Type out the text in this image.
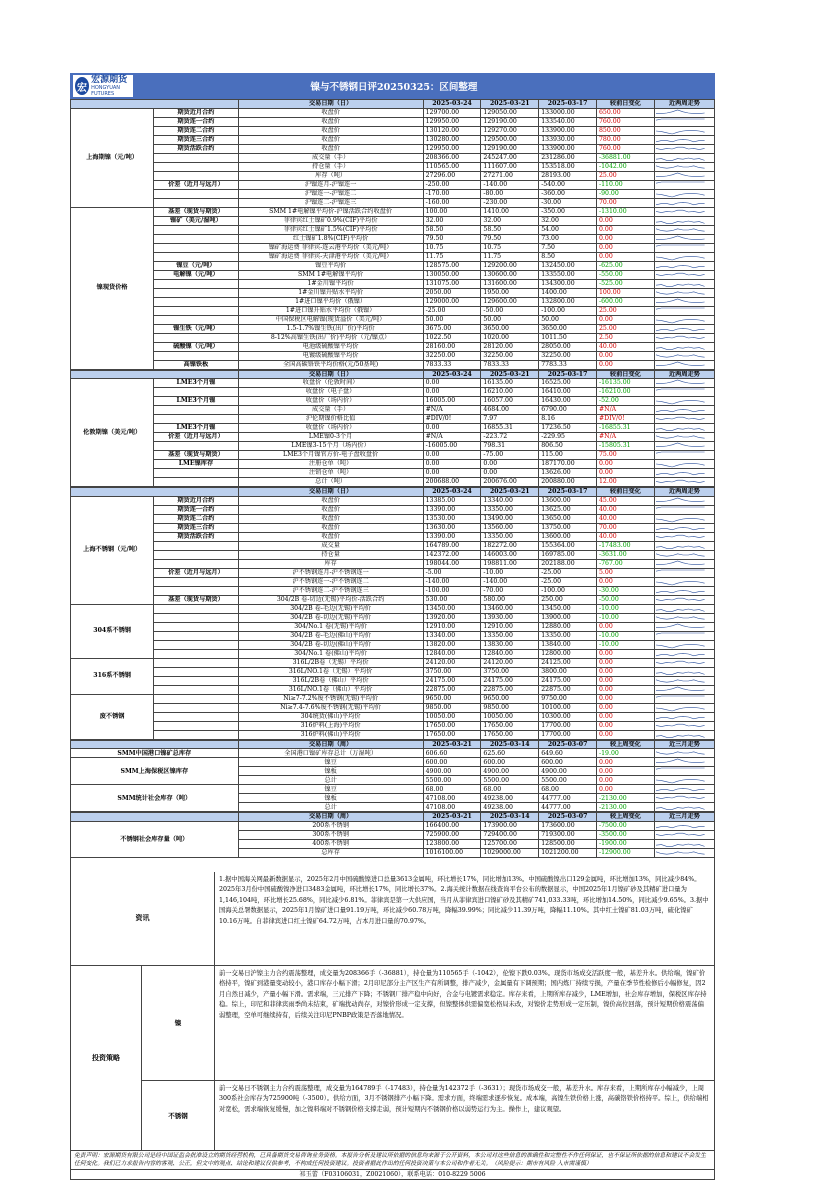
宏
宏源期货
HONGYUAN FUTURES
镍与不锈钢日评20250325：区间整理
		交易日期（日）	2025-03-24	2025-03-21	2025-03-17	较前日变化	近两周走势
上海期镍（元/吨）	期货近月合约	收盘价	129700.00	129050.00	133000.00	650.00	

	期货连一合约	收盘价	129950.00	129190.00	133540.00	760.00	

	期货连二合约	收盘价	130120.00	129270.00	133900.00	850.00	

	期货连三合约	收盘价	130280.00	129500.00	133930.00	780.00	

	期货活跃合约	收盘价	129950.00	129190.00	133900.00	760.00	

		成交量（手）	208366.00	245247.00	231286.00	-36881.00	

		持仓量（手）	110565.00	111607.00	153518.00	-1042.00	

		库存（吨）	27296.00	27271.00	28193.00	25.00	

	价差（近月与远月）	沪镍连月-沪镍连一	-250.00	-140.00	-540.00	-110.00	

		沪镍连一-沪镍连二	-170.00	-80.00	-360.00	-90.00	

		沪镍连二-沪镍连三	-160.00	-230.00	-30.00	70.00	

镍现货价格	基差（现货与期货）	SMM 1#电解镍平均价-沪镍活跃合约收盘价	100.00	1410.00	-350.00	-1310.00	

	镍矿（美元/湿吨）	菲律宾红土镍矿0.9%(CIF)平均价	32.00	32.00	32.00	0.00	

		菲律宾红土镍矿1.5%(CIF)平均价	58.50	58.50	54.00	0.00	

		红土镍矿1.8%(CIF)平均价	79.50	79.50	73.00	0.00	

		镍矿海运费 菲律宾-连云港平均价（美元/吨）	10.75	10.75	7.50	0.00	

		镍矿海运费 菲律宾-天津港平均价（美元/吨）	11.75	11.75	8.50	0.00	

	镍豆（元/吨）	镍豆平均价	128575.00	129200.00	132450.00	-625.00	

	电解镍（元/吨）	SMM 1#电解镍平均价	130050.00	130600.00	133550.00	-550.00	

		1#金川镍平均价	131075.00	131600.00	134300.00	-525.00	

		1#金川镍升贴水平均价	2050.00	1950.00	1400.00	100.00	

		1#进口镍平均价（俄镍）	129000.00	129600.00	132800.00	-600.00	

		1#进口镍升贴水平均价（俄镍）	-25.00	-50.00	-100.00	25.00	

		中国保税区电解镍(现货溢价（美元/吨）	50.00	50.00	50.00	0.00	

	镍生铁（元/吨）	1.5-1.7%镍生铁(出厂价)平均价	3675.00	3650.00	3650.00	25.00	

		8-12%高镍生铁(出厂价)平均价（元/镍点）	1022.50	1020.00	1011.50	2.50	

	硫酸镍（元/吨）	电池级硫酸镍平均价	28160.00	28120.00	28050.00	40.00	

		电镀级硫酸镍平均价	32250.00	32250.00	32250.00	0.00	

	高镍铁板	全国高碳铬铁平均价格(元/50基吨)	7833.33	7833.33	7783.33	0.00	
		交易日期（日）	2025-03-24	2025-03-21	2025-03-17	较前日变化	近两周走势
伦敦期镍（美元/吨）	LME3个月镍	收盘价（伦敦时间）	0.00	16135.00	16525.00	-16135.00	

		收盘价（电子盘）	0.00	16210.00	16410.00	-16210.00	

	LME3个月镍	收盘价（场内价）	16005.00	16057.00	16430.00	-52.00	

		成交量（手）	#N/A	4684.00	6790.00	#N/A	

		沪伦期镍价格比值	#DIV/0!	7.97	8.16	#DIV/0!	

	LME3个月镍	收盘价（场内价）	0.00	16855.31	17236.50	-16855.31	

	价差（近月与远月）	LME镍0-3个月	#N/A	-223.72	-229.95	#N/A	

		LME镍3-15个月（场内价）	-16005.00	798.31	806.50	-15805.31	

	基差（现货与期货）	LME3个月镍官方价-电子盘收盘价	0.00	-75.00	115.00	75.00	

	LME镍库存	注册仓单（吨）	0.00	0.00	187170.00	0.00	

		注销仓单（吨）	0.00	0.00	13626.00	0.00	

		总计（吨）	200688.00	200676.00	200880.00	12.00	
		交易日期（日）	2025-03-24	2025-03-21	2025-03-17	较前日变化	近两周走势
上海不锈钢（元/吨）	期货近月合约	收盘价	13385.00	13340.00	13600.00	45.00	

	期货连一合约	收盘价	13390.00	13350.00	13625.00	40.00	

	期货连二合约	收盘价	13530.00	13490.00	13650.00	40.00	

	期货连三合约	收盘价	13630.00	13560.00	13750.00	70.00	

	期货活跃合约	收盘价	13390.00	13350.00	13600.00	40.00	

		成交量	164789.00	182272.00	155364.00	-17483.00	

		持仓量	142372.00	146003.00	169785.00	-3631.00	

		库存	198044.00	198811.00	202188.00	-767.00	

	价差（近月与远月）	沪不锈钢连月-沪不锈钢连一	-5.00	-10.00	-25.00	5.00	

		沪不锈钢连一-沪不锈钢连二	-140.00	-140.00	-25.00	0.00	

		沪不锈钢连二-沪不锈钢连三	-100.00	-70.00	-100.00	-30.00	

	基差（现货与期货）	304/2B 卷-切边(无锡)平均价-活跃合约	530.00	580.00	250.00	-50.00	

304系不锈钢		304/2B 卷-毛边(无锡)平均价	13450.00	13460.00	13450.00	-10.00	

		304/2B 卷-切边(无锡)平均价	13920.00	13930.00	13900.00	-10.00	

		304/No.1 卷(无锡)平均价	12910.00	12910.00	12880.00	0.00	

		304/2B 卷-毛边(佛山)平均价	13340.00	13350.00	13350.00	-10.00	

		304/2B 卷-切边(佛山)平均价	13820.00	13830.00	13840.00	-10.00	

		304/No.1 卷(佛山)平均价	12840.00	12840.00	12800.00	0.00	

316系不锈钢		316L/2B卷（无锡）平均价	24120.00	24120.00	24125.00	0.00	

		316L/NO.1卷（无锡）平均价	3750.00	3750.00	3800.00	0.00	

		316L/2B卷（佛山）平均价	24175.00	24175.00	24175.00	0.00	

		316L/NO.1卷（佛山）平均价	22875.00	22875.00	22875.00	0.00	

废不锈钢		Ni≥7-7.2%废不锈钢(无锡)平均价	9650.00	9650.00	9750.00	0.00	

		Ni≥7.4-7.6%废不锈钢(无锡)平均价	9850.00	9850.00	10100.00	0.00	

		304统货(佛山)平均价	10050.00	10050.00	10300.00	0.00	

		316炉料(上海)平均价	17650.00	17650.00	17700.00	0.00	

		316炉料(佛山)平均价	17650.00	17650.00	17700.00	0.00	
	交易日期（周）	2025-03-21	2025-03-14	2025-03-07	较上周变化	近三月走势
SMM中国港口镍矿总库存	全国港口镍矿库存总计（万湿吨）	606.60	625.60	649.60	-19.00	

SMM上海保税区镍库存	镍豆	600.00	600.00	600.00	0.00	

	镍板	4900.00	4900.00	4900.00	0.00	

	总计	5500.00	5500.00	5500.00	0.00	

SMM统计社会库存（吨）	镍豆	68.00	68.00	68.00	0.00	

	镍板	47108.00	49238.00	44777.00	-2130.00	

	总计	47108.00	49238.00	44777.00	-2130.00	
	交易日期（周）	2025-03-21	2025-03-14	2025-03-07	较上周变化	近三月走势
不锈钢社会库存量（吨）	200系不锈钢	166400.00	173900.00	173600.00	-7500.00	

	300系不锈钢	725900.00	729400.00	719300.00	-3500.00	

	400系不锈钢	123800.00	125700.00	128500.00	-1900.00	

	总库存	1016100.00	1029000.00	1021200.00	-12900.00	
资讯
1.据中国海关网最新数据显示，2025年2月中国硫酸镍进口总量3613金属吨，环比增长17%，同比增加13%。中国硫酸镍出口129金属吨，环比增加13%，同比减少84%。2025年3月份中国硫酸镍净进口3483金属吨，环比增长17%，同比增长37%。2.海关统计数据在线查询平台公布的数据显示，中国2025年1月镍矿砂及其精矿进口量为1,146,104吨，环比增长25.68%，同比减少6.81%。菲律宾是第一大供应国，当月从菲律宾进口镍矿砂及其精矿741,033.33吨，环比增加14.50%，同比减少9.65%。3.据中国海关总署数据显示，2025年1月镍矿进口量91.19万吨，环比减少60.78万吨，降幅39.99%；同比减少11.39万吨，降幅11.10%。其中红土镍矿81.03万吨，硫化镍矿10.16万吨。自菲律宾进口红土镍矿64.72万吨，占本月进口量的70.97%。
投资策略
镍
不锈钢
前一交易日沪镍主力合约震荡整理，成交量为208366手（-36881），持仓量为110565手（-1042），伦镍下跌0.03%。现货市场成交活跃度一般，基差升水。供给端，镍矿价格持平，镍矿到港量变动较小，港口库存小幅下滑；2月印尼部分主产区生产有所调整，排产减少，金属量有下调预期；国内炼厂持续亏损，产量在季节性检修后小幅修复，因2月自然日减少，产量小幅下滑。需求端，三元排产下降；不锈钢厂排产稳中向好，合金与电镀需求稳定。库存来看，上期所库存减少，LME增加，社会库存增加，保税区库存持稳。综上，印尼和菲律宾雨季尚未结束，矿端扰动尚存，对镍价形成一定支撑，但镍整体供需偏宽松格局未改，对镍价走势形成一定压制，镍价高位回落，预计短期价格震荡偏弱整理，空单可继续持有，后续关注印尼PNBP政策是否落地情况。
前一交易日不锈钢主力合约震荡整理，成交量为164789手（-17483），持仓量为142372手（-3631）；现货市场成交一般，基差升水。库存来看，上期所库存小幅减少，上周300系社会库存为725900吨（-3500）。供给方面，3月不锈钢排产小幅下降。需求方面，终端需求逐步恢复。成本端，高镍生铁价格上涨，高碳铬铁价格持平。综上，供给端相对宽松，需求端恢复缓慢，加之镍料端对不锈钢价格支撑走弱，预计短期内不锈钢价格以弱势运行为主。操作上，建议观望。
免责声明：宏源期货有限公司是经中国证监会批准设立的期货经营机构，已具备期货交易咨询业务资格。本报告分析及建议所依据的信息均来源于公开资料，本公司对这些信息的准确性和完整性不作任何保证，也不保证所依据的信息和建议不会发生任何变化。我们已力求报告内容的客观、公正，但文中的观点、结论和建议仅供参考，不构成任何投资建议。投资者据此作出的任何投资决策与本公司和作者无关。（风险提示：期市有风险 入市需谨慎）
祁玉蕾（F03106031，Z0021060），联系电话：010-8229 5006
